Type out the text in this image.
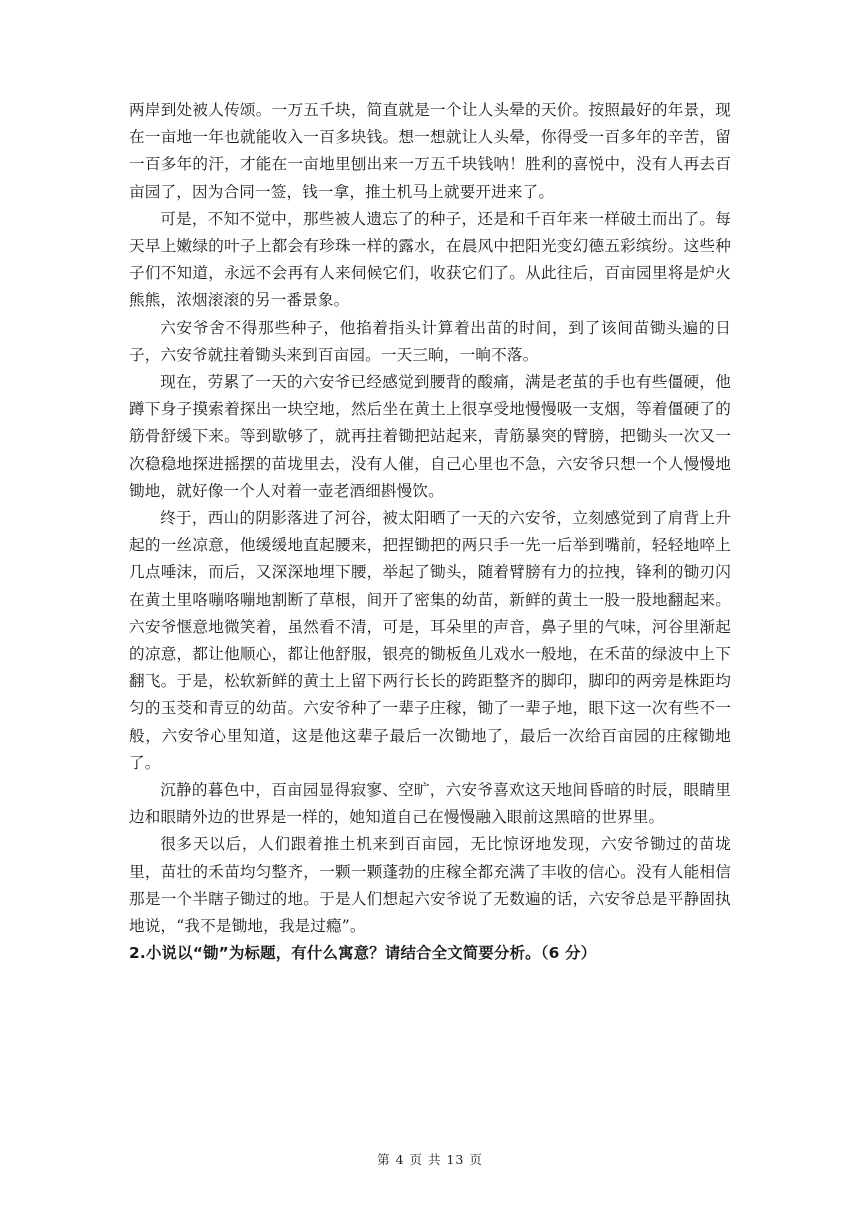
两岸到处被人传颂。一万五千块，简直就是一个让人头晕的天价。按照最好的年景，现在一亩地一年也就能收入一百多块钱。想一想就让人头晕，你得受一百多年的辛苦，留一百多年的汗，才能在一亩地里刨出来一万五千块钱呐！胜利的喜悦中，没有人再去百亩园了，因为合同一签，钱一拿，推土机马上就要开进来了。

可是，不知不觉中，那些被人遗忘了的种子，还是和千百年来一样破土而出了。每天早上嫩绿的叶子上都会有珍珠一样的露水，在晨风中把阳光变幻德五彩缤纷。这些种子们不知道，永远不会再有人来伺候它们，收获它们了。从此往后，百亩园里将是炉火熊熊，浓烟滚滚的另一番景象。

六安爷舍不得那些种子，他掐着指头计算着出苗的时间，到了该间苗锄头遍的日子，六安爷就拄着锄头来到百亩园。一天三晌，一晌不落。

现在，劳累了一天的六安爷已经感觉到腰背的酸痛，满是老茧的手也有些僵硬，他蹲下身子摸索着探出一块空地，然后坐在黄土上很享受地慢慢吸一支烟，等着僵硬了的筋骨舒缓下来。等到歇够了，就再拄着锄把站起来，青筋暴突的臂膀，把锄头一次又一次稳稳地探进摇摆的苗垅里去，没有人催，自己心里也不急，六安爷只想一个人慢慢地锄地，就好像一个人对着一壶老酒细斟慢饮。

终于，西山的阴影落进了河谷，被太阳晒了一天的六安爷，立刻感觉到了肩背上升起的一丝凉意，他缓缓地直起腰来，把捏锄把的两只手一先一后举到嘴前，轻轻地啐上几点唾沫，而后，又深深地埋下腰，举起了锄头，随着臂膀有力的拉拽，锋利的锄刃闪在黄土里咯嘣咯嘣地割断了草根，间开了密集的幼苗，新鲜的黄土一股一股地翻起来。六安爷惬意地微笑着，虽然看不清，可是，耳朵里的声音，鼻子里的气味，河谷里渐起的凉意，都让他顺心，都让他舒服，银亮的锄板鱼儿戏水一般地，在禾苗的绿波中上下翻飞。于是，松软新鲜的黄土上留下两行长长的跨距整齐的脚印，脚印的两旁是株距均匀的玉茭和青豆的幼苗。六安爷种了一辈子庄稼，锄了一辈子地，眼下这一次有些不一般，六安爷心里知道，这是他这辈子最后一次锄地了，最后一次给百亩园的庄稼锄地了。

沉静的暮色中，百亩园显得寂寥、空旷，六安爷喜欢这天地间昏暗的时辰，眼睛里边和眼睛外边的世界是一样的，她知道自己在慢慢融入眼前这黑暗的世界里。

很多天以后，人们跟着推土机来到百亩园，无比惊讶地发现，六安爷锄过的苗垅里，苗壮的禾苗均匀整齐，一颗一颗蓬勃的庄稼全都充满了丰收的信心。没有人能相信那是一个半瞎子锄过的地。于是人们想起六安爷说了无数遍的话，六安爷总是平静固执地说，“我不是锄地，我是过瘾”。

2.小说以“锄”为标题，有什么寓意？请结合全文简要分析。（6 分）

第 4 页 共 13 页
